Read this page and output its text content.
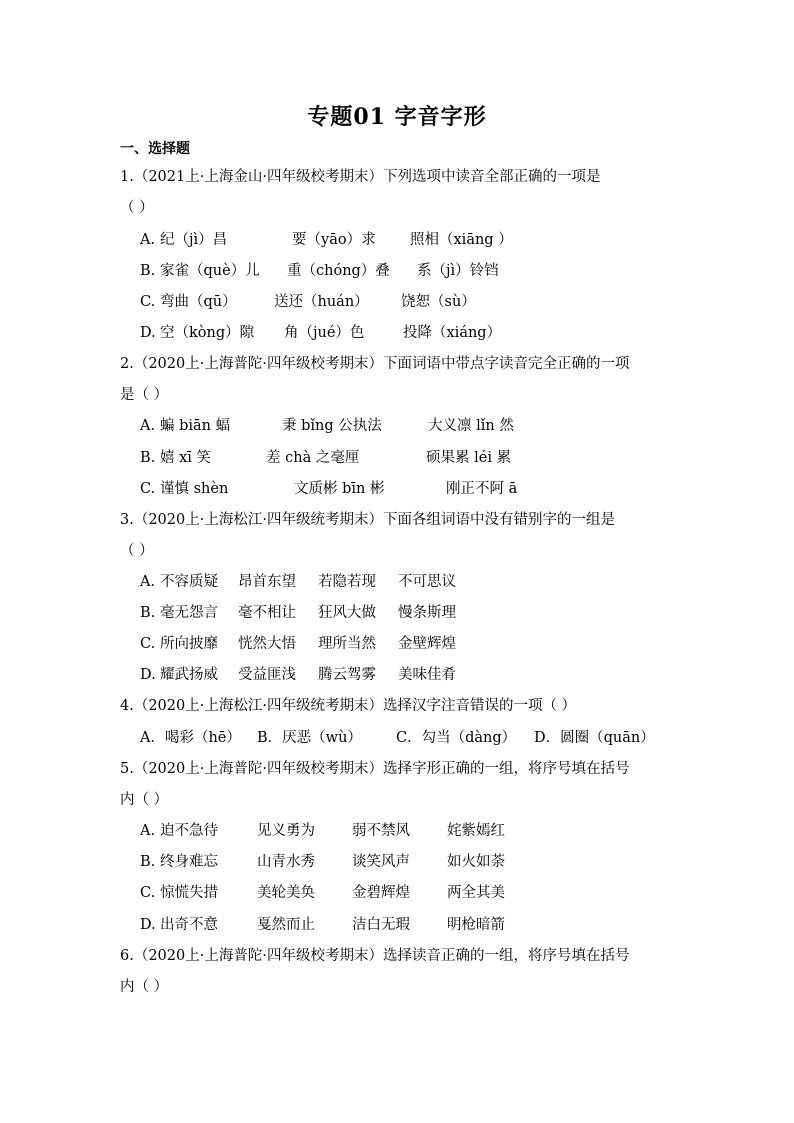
专题01 字音字形
一、选择题
1.（2021上·上海金山·四年级校考期末）下列选项中读音全部正确的一项是
（ ）
A. 纪（jì）昌	要（yāo）求 照相（xiāng ）
B. 家雀（què）儿 重（chóng）叠 系（jì）铃铛
C. 弯曲（qū）	送还（huán） 饶恕（sù）
D. 空（kòng）隙 角（jué）色	投降（xiáng）
2.（2020上·上海普陀·四年级校考期末）下面词语中带点字读音完全正确的一项
是（ ）
A. 蝙 biān 蝠	秉 bǐng 公执法	大义凛 lǐn 然
B. 嬉 xī 笑	差 chà 之毫厘	硕果累 léi 累
C. 谨慎 shèn	文质彬 bīn 彬	刚正不阿 ā
3.（2020上·上海松江·四年级统考期末）下面各组词语中没有错别字的一组是
（ ）
A. 不容质疑 昂首东望 若隐若现 不可思议
B. 毫无怨言 毫不相让 狂风大做 慢条斯理
C. 所向披靡 恍然大悟 理所当然 金壁辉煌
D. 耀武扬威 受益匪浅 腾云驾雾 美味佳肴
4.（2020上·上海松江·四年级统考期末）选择汉字注音错误的一项（ ）
A．喝彩（hē） B．厌恶（wù） C．勾当（dàng） D．圆圈（quān）
5.（2020上·上海普陀·四年级校考期末）选择字形正确的一组，将序号填在括号
内（ ）
A. 迫不急待	见义勇为	弱不禁风	姹紫嫣红
B. 终身难忘	山青水秀	谈笑风声	如火如荼
C. 惊慌失措	美轮美奂	金碧辉煌	两全其美
D. 出奇不意	戛然而止	洁白无瑕	明枪暗箭
6.（2020上·上海普陀·四年级校考期末）选择读音正确的一组，将序号填在括号
内（ ）
